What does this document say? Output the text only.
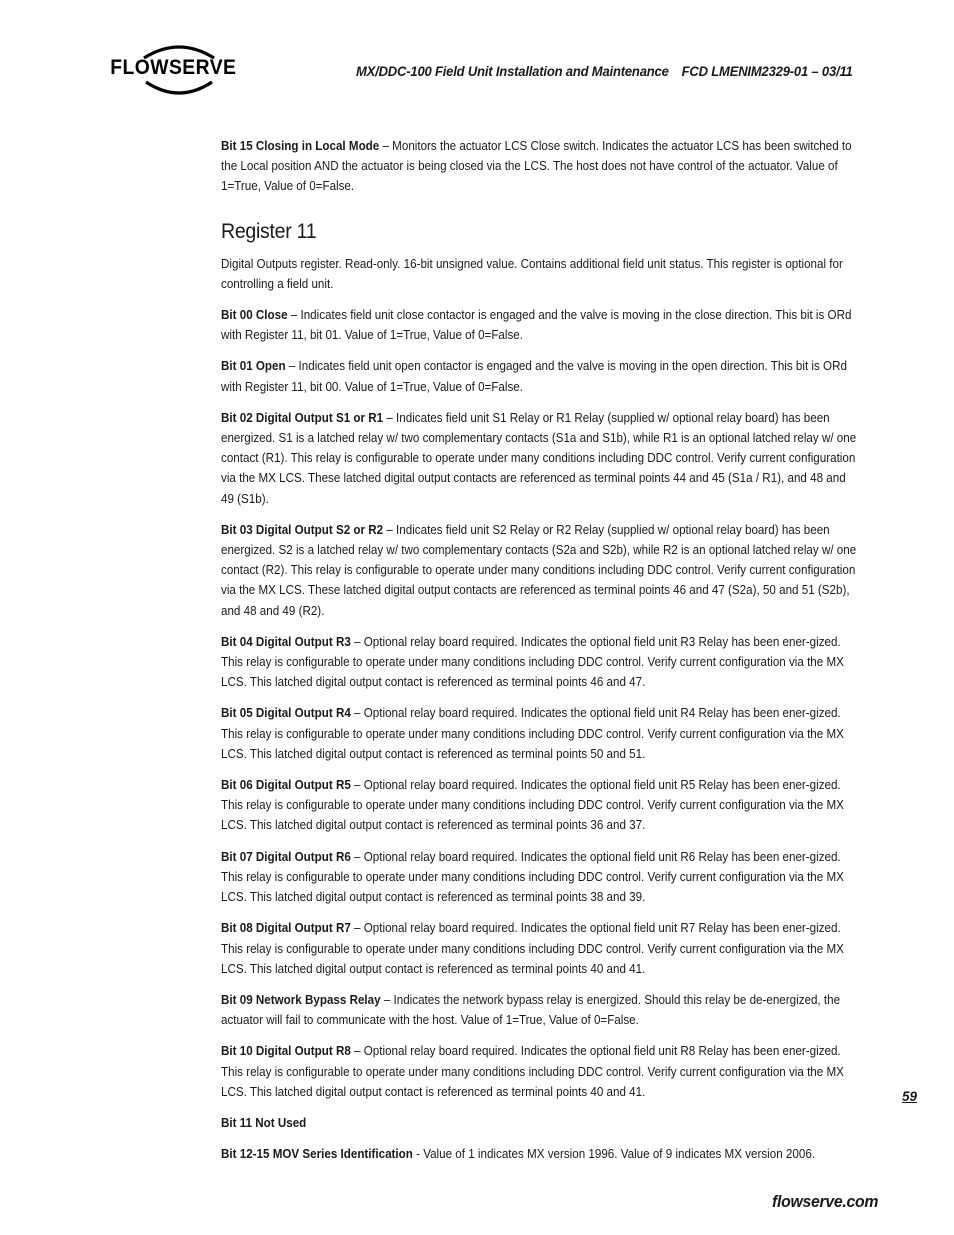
FLOWSERVE	MX/DDC-100 Field Unit Installation and Maintenance FCD LMENIM2329-01 – 03/11

Bit 15 Closing in Local Mode – Monitors the actuator LCS Close switch. Indicates the actuator LCS has been switched to the Local position AND the actuator is being closed via the LCS. The host does not have control of the actuator. Value of 1=True, Value of 0=False.

Register 11

Digital Outputs register. Read-only. 16-bit unsigned value. Contains additional field unit status. This register is optional for controlling a field unit.

Bit 00 Close – Indicates field unit close contactor is engaged and the valve is moving in the close direction. This bit is ORd with Register 11, bit 01. Value of 1=True, Value of 0=False.

Bit 01 Open – Indicates field unit open contactor is engaged and the valve is moving in the open direction. This bit is ORd with Register 11, bit 00. Value of 1=True, Value of 0=False.

Bit 02 Digital Output S1 or R1 – Indicates field unit S1 Relay or R1 Relay (supplied w/ optional relay board) has been energized. S1 is a latched relay w/ two complementary contacts (S1a and S1b), while R1 is an optional latched relay w/ one contact (R1). This relay is configurable to operate under many conditions including DDC control. Verify current configuration via the MX LCS. These latched digital output contacts are referenced as terminal points 44 and 45 (S1a / R1), and 48 and 49 (S1b).

Bit 03 Digital Output S2 or R2 – Indicates field unit S2 Relay or R2 Relay (supplied w/ optional relay board) has been energized. S2 is a latched relay w/ two complementary contacts (S2a and S2b), while R2 is an optional latched relay w/ one contact (R2). This relay is configurable to operate under many conditions including DDC control. Verify current configuration via the MX LCS. These latched digital output contacts are referenced as terminal points 46 and 47 (S2a), 50 and 51 (S2b), and 48 and 49 (R2).

Bit 04 Digital Output R3 – Optional relay board required. Indicates the optional field unit R3 Relay has been ener-gized. This relay is configurable to operate under many conditions including DDC control. Verify current configuration via the MX LCS. This latched digital output contact is referenced as terminal points 46 and 47.

Bit 05 Digital Output R4 – Optional relay board required. Indicates the optional field unit R4 Relay has been ener-gized. This relay is configurable to operate under many conditions including DDC control. Verify current configuration via the MX LCS. This latched digital output contact is referenced as terminal points 50 and 51.

Bit 06 Digital Output R5 – Optional relay board required. Indicates the optional field unit R5 Relay has been ener-gized. This relay is configurable to operate under many conditions including DDC control. Verify current configuration via the MX LCS. This latched digital output contact is referenced as terminal points 36 and 37.

Bit 07 Digital Output R6 – Optional relay board required. Indicates the optional field unit R6 Relay has been ener-gized. This relay is configurable to operate under many conditions including DDC control. Verify current configuration via the MX LCS. This latched digital output contact is referenced as terminal points 38 and 39.

Bit 08 Digital Output R7 – Optional relay board required. Indicates the optional field unit R7 Relay has been ener-gized. This relay is configurable to operate under many conditions including DDC control. Verify current configuration via the MX LCS. This latched digital output contact is referenced as terminal points 40 and 41.

Bit 09 Network Bypass Relay – Indicates the network bypass relay is energized. Should this relay be de-energized, the actuator will fail to communicate with the host. Value of 1=True, Value of 0=False.

Bit 10 Digital Output R8 – Optional relay board required. Indicates the optional field unit R8 Relay has been ener-gized. This relay is configurable to operate under many conditions including DDC control. Verify current configuration via the MX LCS. This latched digital output contact is referenced as terminal points 40 and 41.

Bit 11 Not Used

Bit 12-15 MOV Series Identification - Value of 1 indicates MX version 1996. Value of 9 indicates MX version 2006.

59
flowserve.com
